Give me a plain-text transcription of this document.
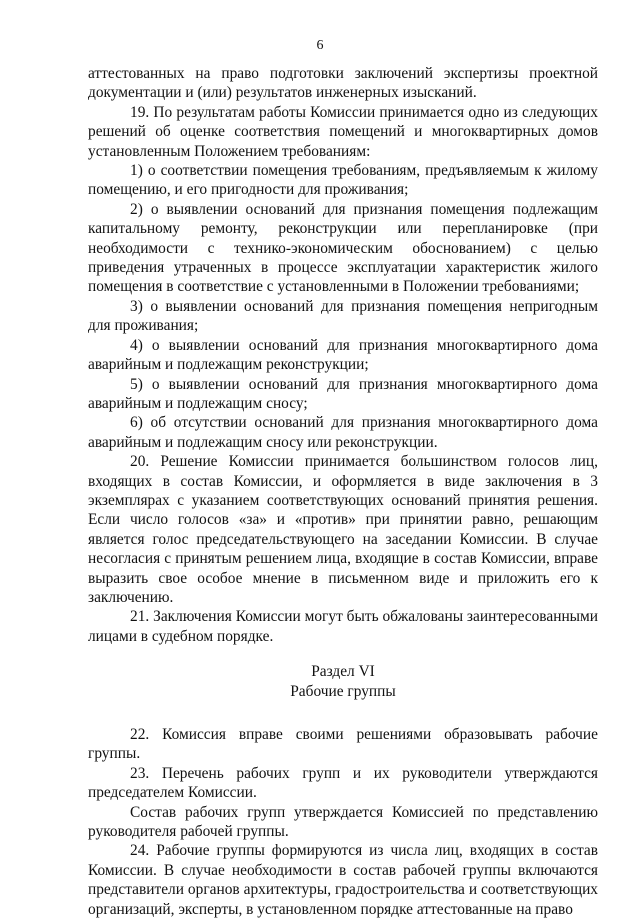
6

аттестованных на право подготовки заключений экспертизы проектной документации и (или) результатов инженерных изысканий.

19. По результатам работы Комиссии принимается одно из следующих решений об оценке соответствия помещений и многоквартирных домов установленным Положением требованиям:

1) о соответствии помещения требованиям, предъявляемым к жилому помещению, и его пригодности для проживания;

2) о выявлении оснований для признания помещения подлежащим капитальному ремонту, реконструкции или перепланировке (при необходимости с технико-экономическим обоснованием) с целью приведения утраченных в процессе эксплуатации характеристик жилого помещения в соответствие с установленными в Положении требованиями;

3) о выявлении оснований для признания помещения непригодным для проживания;

4) о выявлении оснований для признания многоквартирного дома аварийным и подлежащим реконструкции;

5) о выявлении оснований для признания многоквартирного дома аварийным и подлежащим сносу;

6) об отсутствии оснований для признания многоквартирного дома аварийным и подлежащим сносу или реконструкции.

20. Решение Комиссии принимается большинством голосов лиц, входящих в состав Комиссии, и оформляется в виде заключения в 3 экземплярах с указанием соответствующих оснований принятия решения. Если число голосов «за» и «против» при принятии равно, решающим является голос председательствующего на заседании Комиссии. В случае несогласия с принятым решением лица, входящие в состав Комиссии, вправе выразить свое особое мнение в письменном виде и приложить его к заключению.

21. Заключения Комиссии могут быть обжалованы заинтересованными лицами в судебном порядке.

Раздел VI

Рабочие группы

22. Комиссия вправе своими решениями образовывать рабочие группы.

23. Перечень рабочих групп и их руководители утверждаются председателем Комиссии.

Состав рабочих групп утверждается Комиссией по представлению руководителя рабочей группы.

24. Рабочие группы формируются из числа лиц, входящих в состав Комиссии. В случае необходимости в состав рабочей группы включаются представители органов архитектуры, градостроительства и соответствующих организаций, эксперты, в установленном порядке аттестованные на право
